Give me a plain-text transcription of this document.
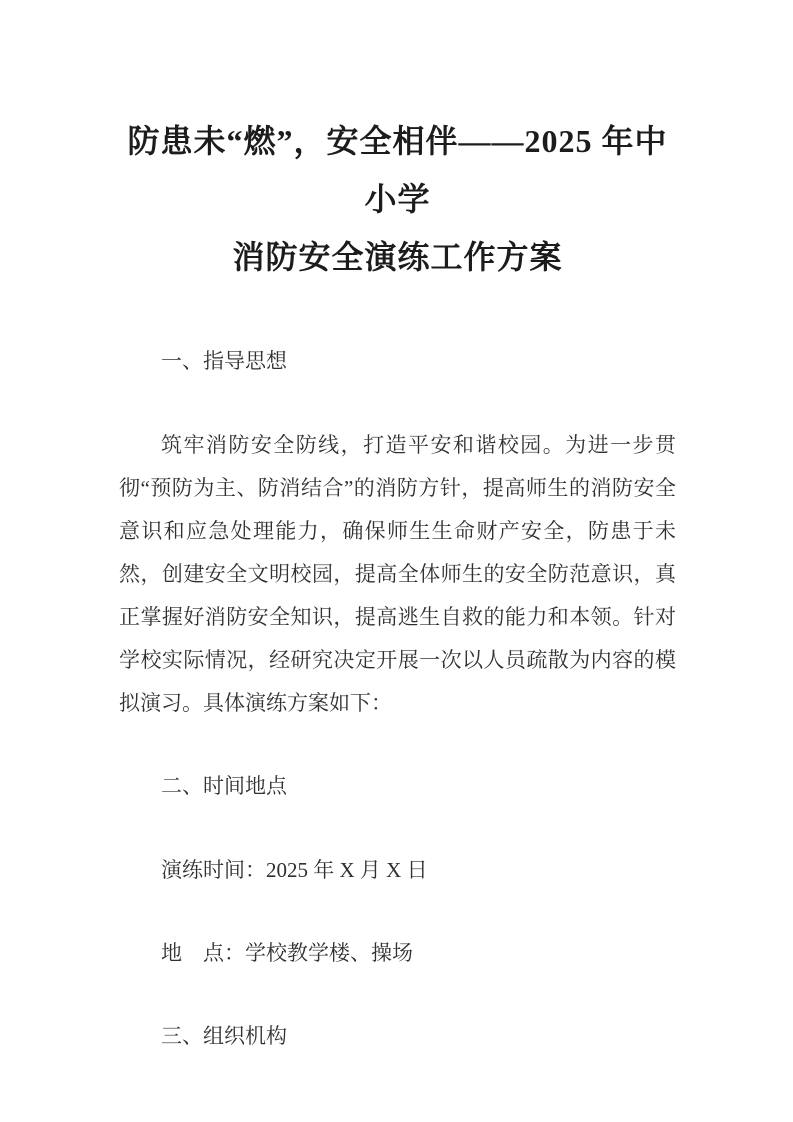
防患未“燃”，安全相伴——2025 年中小学
消防安全演练工作方案

一、指导思想

筑牢消防安全防线，打造平安和谐校园。为进一步贯彻“预防为主、防消结合”的消防方针，提高师生的消防安全意识和应急处理能力，确保师生生命财产安全，防患于未然，创建安全文明校园，提高全体师生的安全防范意识，真正掌握好消防安全知识，提高逃生自救的能力和本领。针对学校实际情况，经研究决定开展一次以人员疏散为内容的模拟演习。具体演练方案如下：

二、时间地点

演练时间：2025 年 X 月 X 日

地　点：学校教学楼、操场

三、组织机构
